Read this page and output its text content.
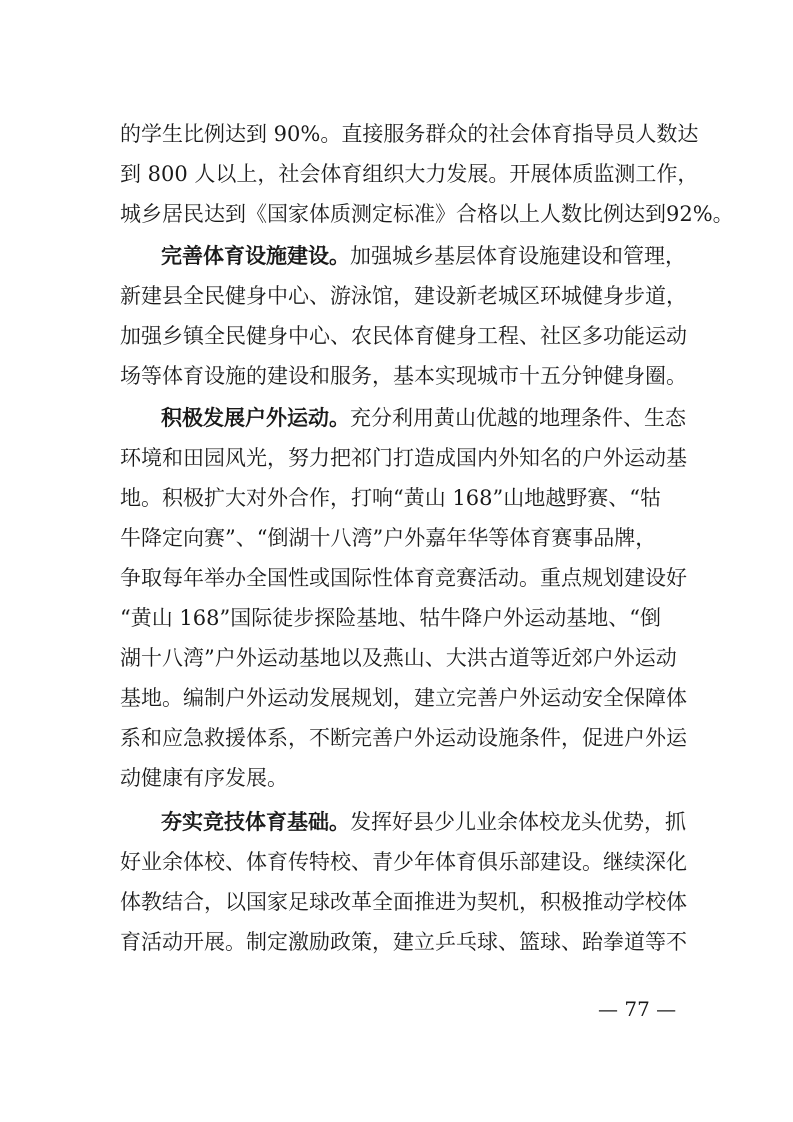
的学生比例达到 90%。直接服务群众的社会体育指导员人数达
到 800 人以上，社会体育组织大力发展。开展体质监测工作，
城乡居民达到《国家体质测定标准》合格以上人数比例达到92%。
完善体育设施建设。 加强城乡基层体育设施建设和管理，
新建县全民健身中心、游泳馆，建设新老城区环城健身步道，
加强乡镇全民健身中心、农民体育健身工程、社区多功能运动
场等体育设施的建设和服务，基本实现城市十五分钟健身圈。
积极发展户外运动。 充分利用黄山优越的地理条件、生态
环境和田园风光，努力把祁门打造成国内外知名的户外运动基
地。积极扩大对外合作，打响“黄山 168”山地越野赛、“牯
牛降定向赛”、“倒湖十八湾”户外嘉年华等体育赛事品牌，
争取每年举办全国性或国际性体育竞赛活动。重点规划建设好
“黄山 168”国际徒步探险基地、牯牛降户外运动基地、“倒
湖十八湾”户外运动基地以及燕山、大洪古道等近郊户外运动
基地。编制户外运动发展规划，建立完善户外运动安全保障体
系和应急救援体系，不断完善户外运动设施条件，促进户外运
动健康有序发展。
夯实竞技体育基础。 发挥好县少儿业余体校龙头优势，抓
好业余体校、体育传特校、青少年体育俱乐部建设。继续深化
体教结合，以国家足球改革全面推进为契机，积极推动学校体
育活动开展。制定激励政策，建立乒乓球、篮球、跆拳道等不
— 77 —
